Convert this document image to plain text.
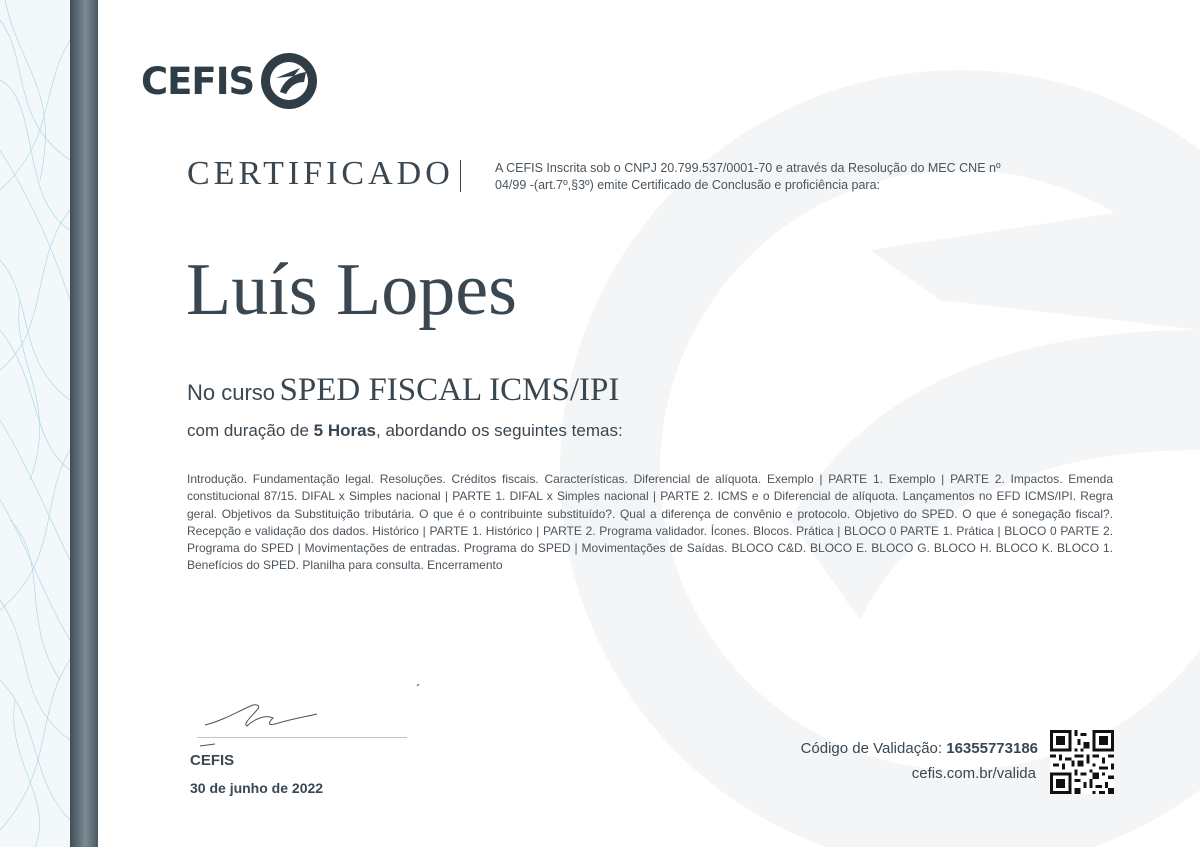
CEFIS
CERTIFICADO	A CEFIS Inscrita sob o CNPJ 20.799.537/0001-70 e através da Resolução do MEC CNE nº 04/99 -(art.7º,§3º) emite Certificado de Conclusão e proficiência para:
Luís Lopes
No curso SPED FISCAL ICMS/IPI
com duração de 5 Horas, abordando os seguintes temas:
Introdução. Fundamentação legal. Resoluções. Créditos fiscais. Características. Diferencial de alíquota. Exemplo | PARTE 1. Exemplo | PARTE 2. Impactos. Emenda constitucional 87/15. DIFAL x Simples nacional | PARTE 1. DIFAL x Simples nacional | PARTE 2. ICMS e o Diferencial de alíquota. Lançamentos no EFD ICMS/IPI. Regra geral. Objetivos da Substituição tributária. O que é o contribuinte substituído?. Qual a diferença de convênio e protocolo. Objetivo do SPED. O que é sonegação fiscal?. Recepção e validação dos dados. Histórico | PARTE 1. Histórico | PARTE 2. Programa validador. Ícones. Blocos. Prática | BLOCO 0 PARTE 1. Prática | BLOCO 0 PARTE 2. Programa do SPED | Movimentações de entradas. Programa do SPED | Movimentações de Saídas. BLOCO C&D. BLOCO E. BLOCO G. BLOCO H. BLOCO K. BLOCO 1. Benefícios do SPED. Planilha para consulta. Encerramento
CEFIS
30 de junho de 2022
Código de Validação: 16355773186
cefis.com.br/valida
